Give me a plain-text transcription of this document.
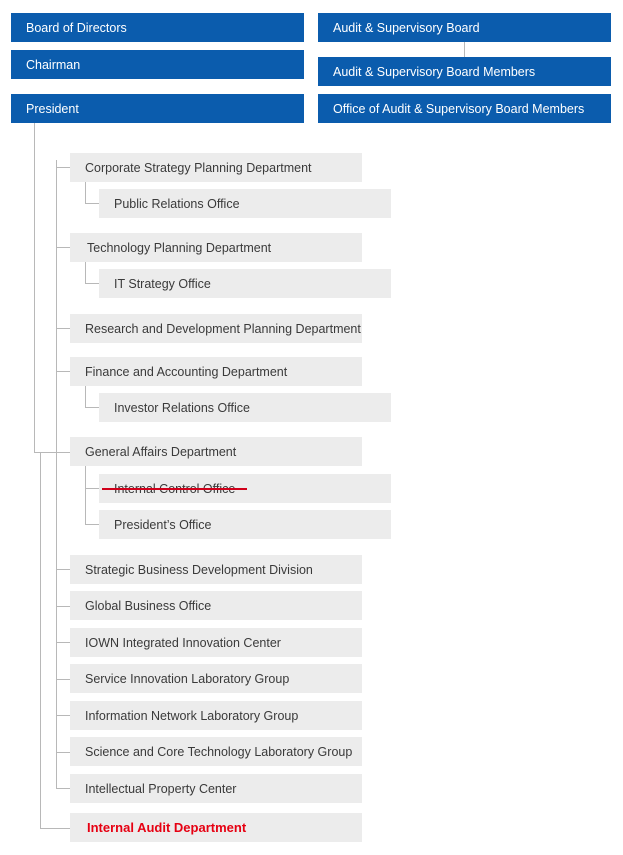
Board of Directors
Chairman
President
Audit & Supervisory Board
Audit & Supervisory Board Members
Office of Audit & Supervisory Board Members
Corporate Strategy Planning Department
Public Relations Office
Technology Planning Department
IT Strategy Office
Research and Development Planning Department
Finance and Accounting Department
Investor Relations Office
General Affairs Department
President’s Office
Strategic Business Development Division
Global Business Office
IOWN Integrated Innovation Center
Service Innovation Laboratory Group
Information Network Laboratory Group
Science and Core Technology Laboratory Group
Intellectual Property Center
Internal Audit Department
